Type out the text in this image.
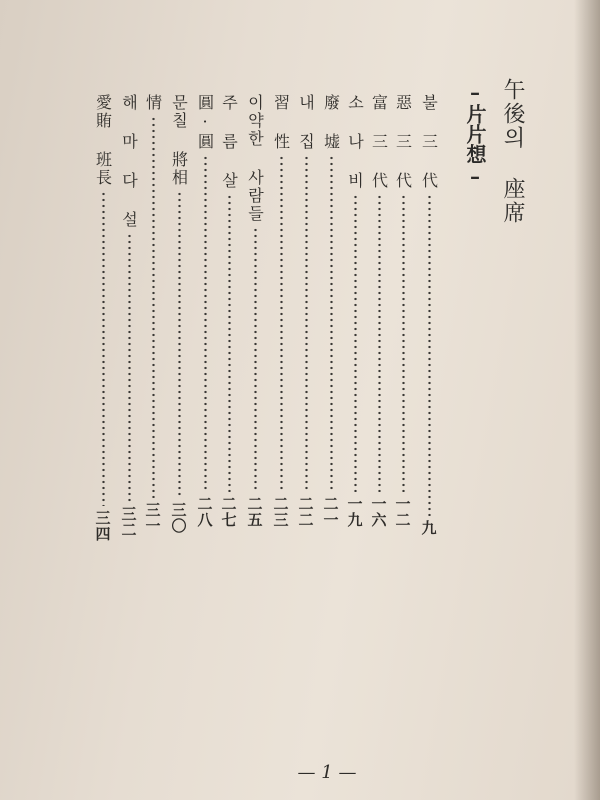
午後의 座席
–片片想–
불 三 代
九
惡 三 代
一二
富 三 代
一六
소 나 비
一九
廢 墟
二一
내 집
二二
習 性
二三
이약한 사람들
二五
주 름 살
二七
圓·圓
二八
문칠 將相
三〇
情
三一
해 마 다 설
三二
愛賄 班長
三四
— 1 —
